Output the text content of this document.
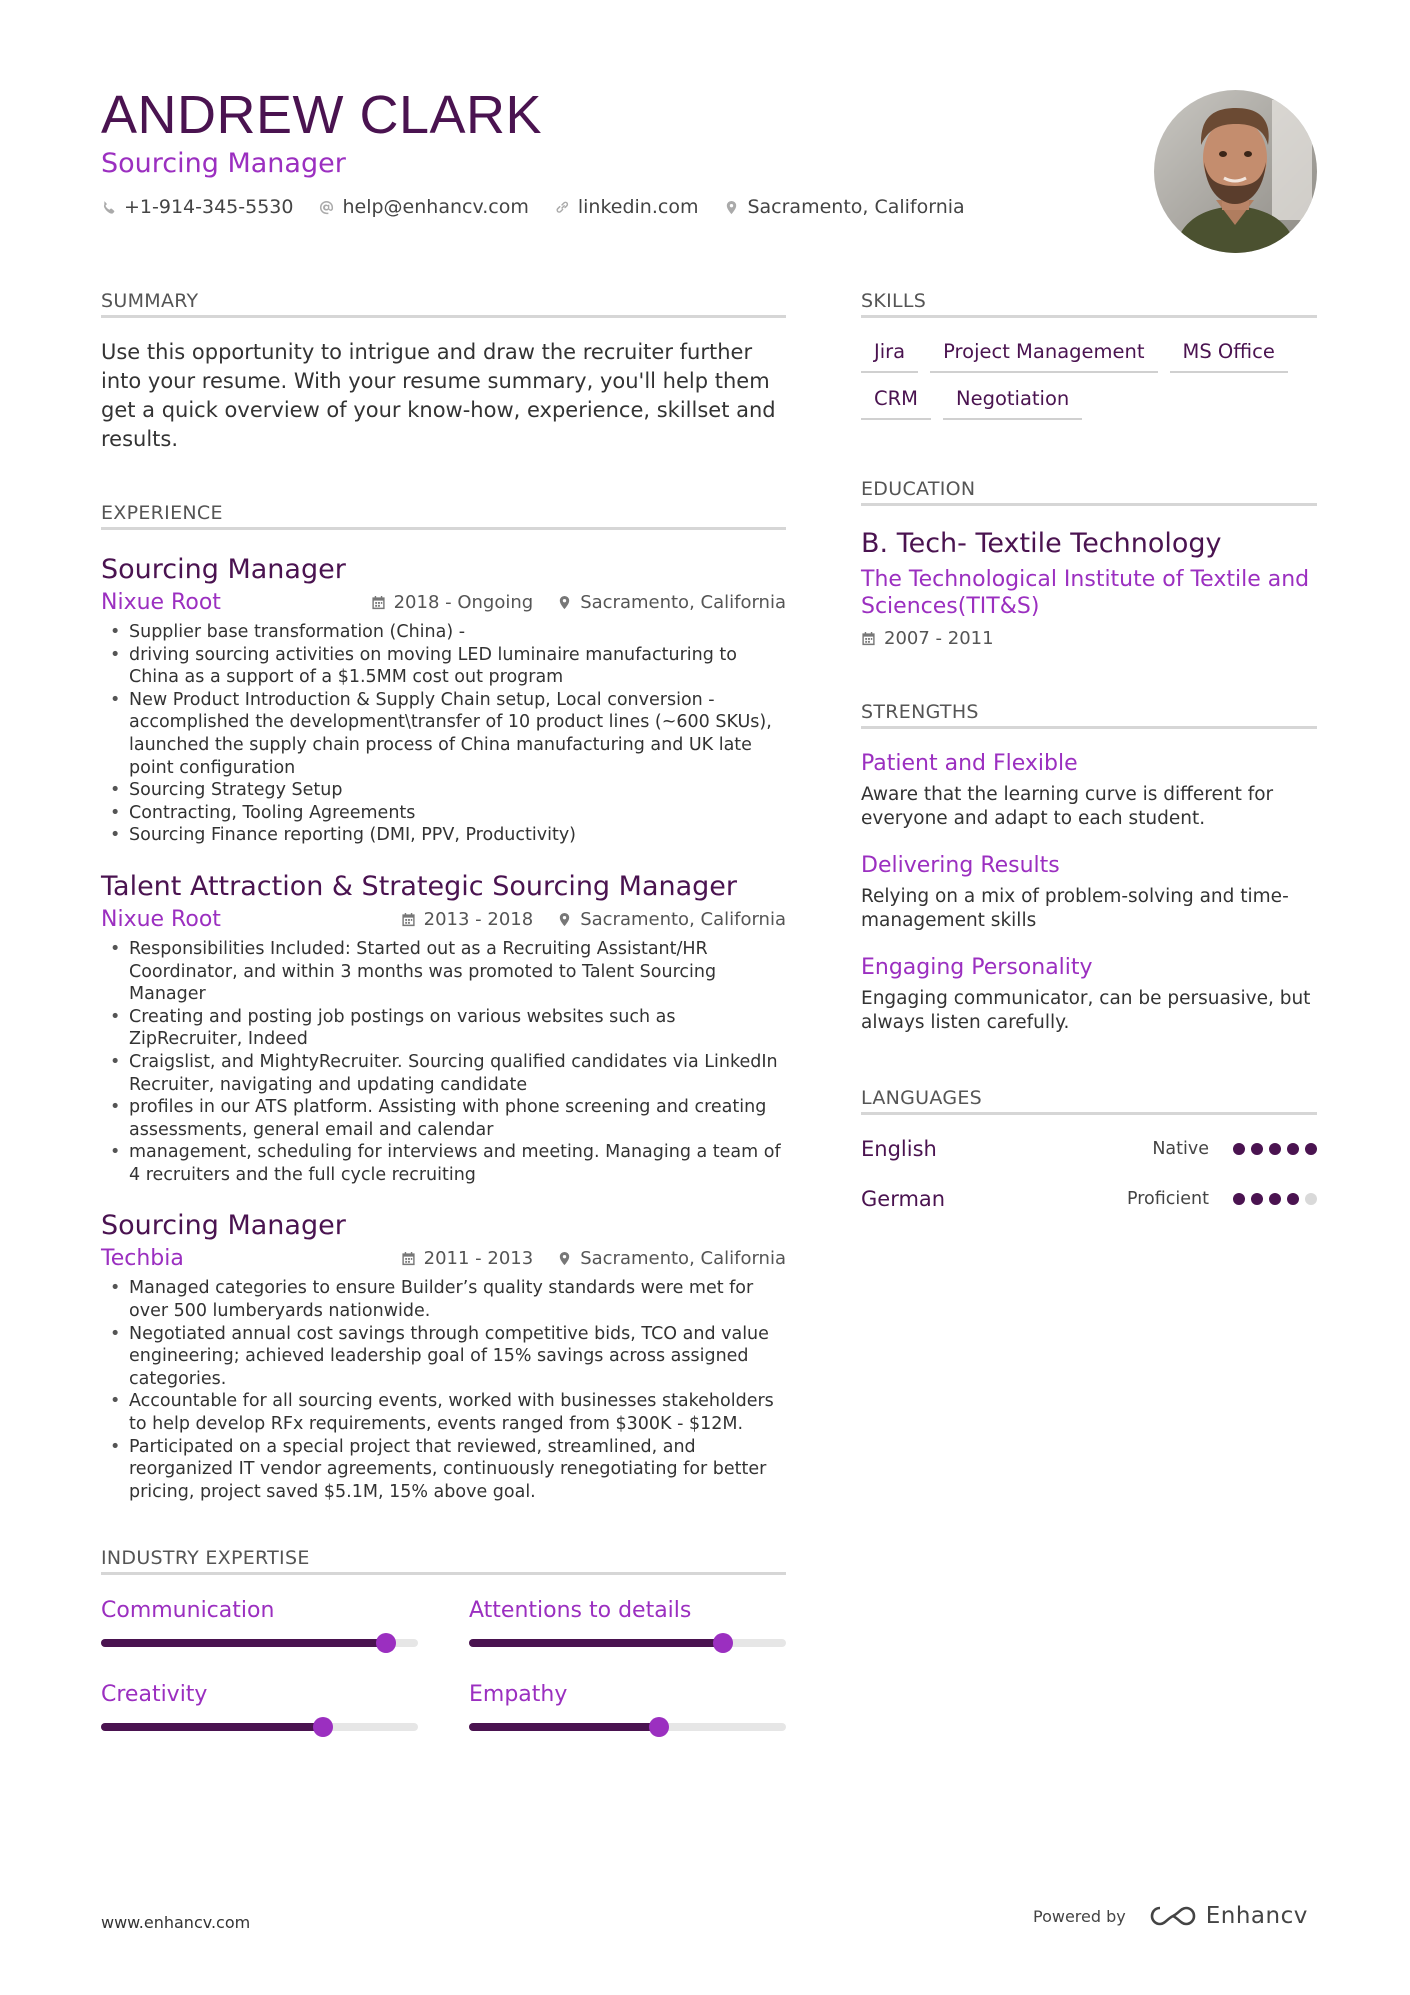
ANDREW CLARK
Sourcing Manager
+1-914-345-5530	help@enhancv.com	linkedin.com	Sacramento, California
SUMMARY

Use this opportunity to intrigue and draw the recruiter further into your resume. With your resume summary, you'll help them get a quick overview of your know-how, experience, skillset and results.

EXPERIENCE
Sourcing Manager
Nixue Root	2018 - Ongoing	Sacramento, California
• Supplier base transformation (China) -
• driving sourcing activities on moving LED luminaire manufacturing to China as a support of a $1.5MM cost out program
• New Product Introduction & Supply Chain setup, Local conversion - accomplished the development\transfer of 10 product lines (~600 SKUs), launched the supply chain process of China manufacturing and UK late point configuration
• Sourcing Strategy Setup
• Contracting, Tooling Agreements
• Sourcing Finance reporting (DMI, PPV, Productivity)
Talent Attraction & Strategic Sourcing Manager
Nixue Root	2013 - 2018	Sacramento, California
• Responsibilities Included: Started out as a Recruiting Assistant/HR Coordinator, and within 3 months was promoted to Talent Sourcing Manager
• Creating and posting job postings on various websites such as ZipRecruiter, Indeed
• Craigslist, and MightyRecruiter. Sourcing qualified candidates via LinkedIn Recruiter, navigating and updating candidate
• profiles in our ATS platform. Assisting with phone screening and creating assessments, general email and calendar
• management, scheduling for interviews and meeting. Managing a team of 4 recruiters and the full cycle recruiting
Sourcing Manager
Techbia	2011 - 2013	Sacramento, California
• Managed categories to ensure Builder’s quality standards were met for over 500 lumberyards nationwide.
• Negotiated annual cost savings through competitive bids, TCO and value engineering; achieved leadership goal of 15% savings across assigned categories.
• Accountable for all sourcing events, worked with businesses stakeholders to help develop RFx requirements, events ranged from $300K - $12M.
• Participated on a special project that reviewed, streamlined, and reorganized IT vendor agreements, continuously renegotiating for better pricing, project saved $5.1M, 15% above goal.
INDUSTRY EXPERTISE
Communication	Attentions to details
Creativity	Empathy
SKILLS
Jira	Project Management	MS Office
CRM	Negotiation
EDUCATION
B. Tech- Textile Technology
The Technological Institute of Textile and Sciences(TIT&S)
2007 - 2011
STRENGTHS
Patient and Flexible
Aware that the learning curve is different for everyone and adapt to each student.
Delivering Results
Relying on a mix of problem-solving and time-management skills
Engaging Personality
Engaging communicator, can be persuasive, but always listen carefully.
LANGUAGES
English	Native
German	Proficient
www.enhancv.com	Powered by	Enhancv
